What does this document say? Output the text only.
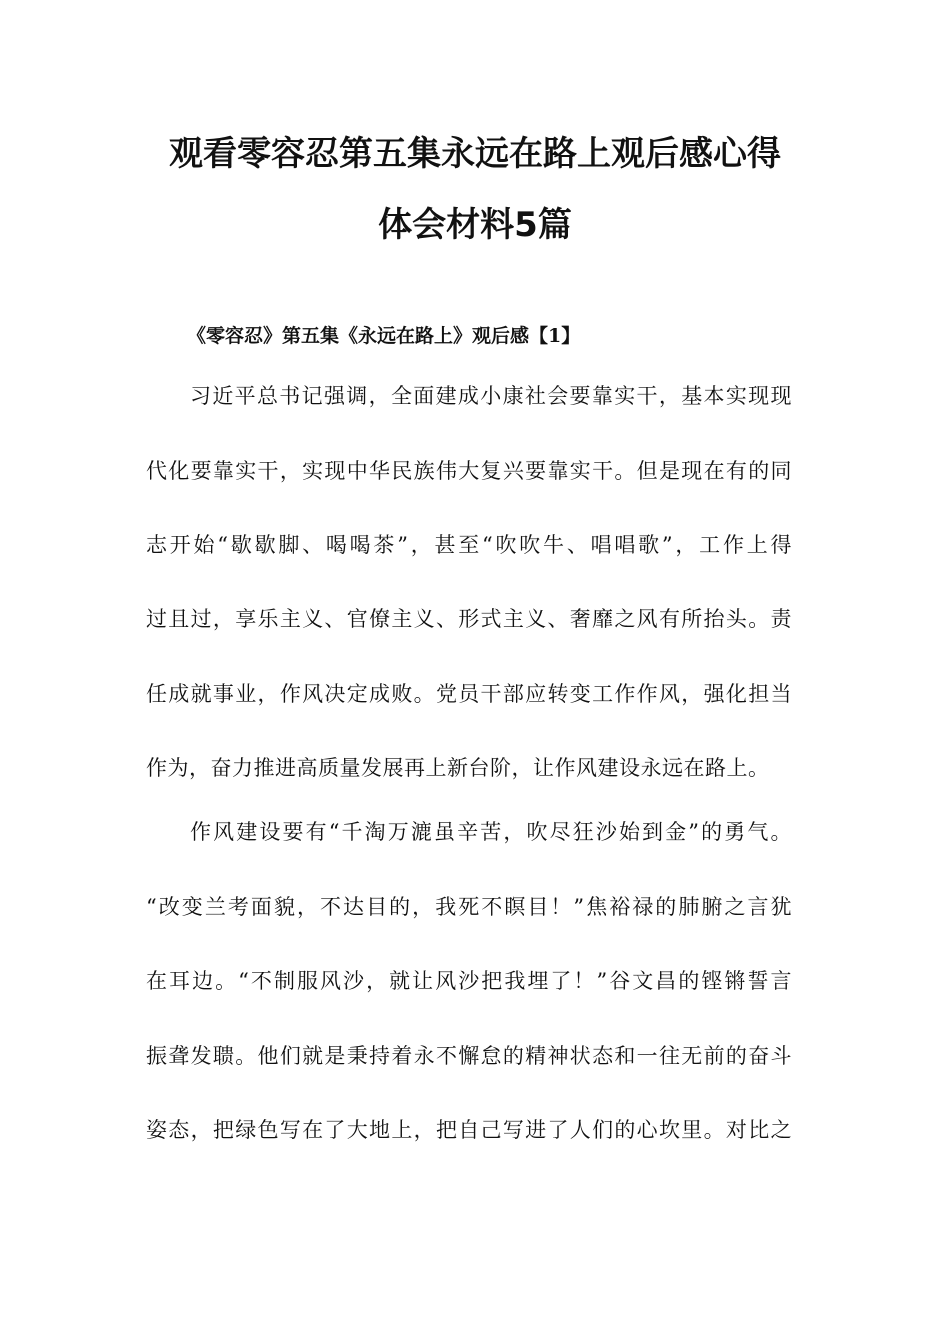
观看零容忍第五集永远在路上观后感心得
体会材料5篇
《零容忍》第五集《永远在路上》观后感【1】
习近平总书记强调，全面建成小康社会要靠实干，基本实现现
代化要靠实干，实现中华民族伟大复兴要靠实干。但是现在有的同
志开始“歇歇脚、喝喝茶”，甚至“吹吹牛、唱唱歌”，工作上得
过且过，享乐主义、官僚主义、形式主义、奢靡之风有所抬头。责
任成就事业，作风决定成败。党员干部应转变工作作风，强化担当
作为，奋力推进高质量发展再上新台阶，让作风建设永远在路上。
作风建设要有“千淘万漉虽辛苦，吹尽狂沙始到金”的勇气。
“改变兰考面貌，不达目的，我死不瞑目！”焦裕禄的肺腑之言犹
在耳边。“不制服风沙，就让风沙把我埋了！”谷文昌的铿锵誓言
振聋发聩。他们就是秉持着永不懈怠的精神状态和一往无前的奋斗
姿态，把绿色写在了大地上，把自己写进了人们的心坎里。对比之
